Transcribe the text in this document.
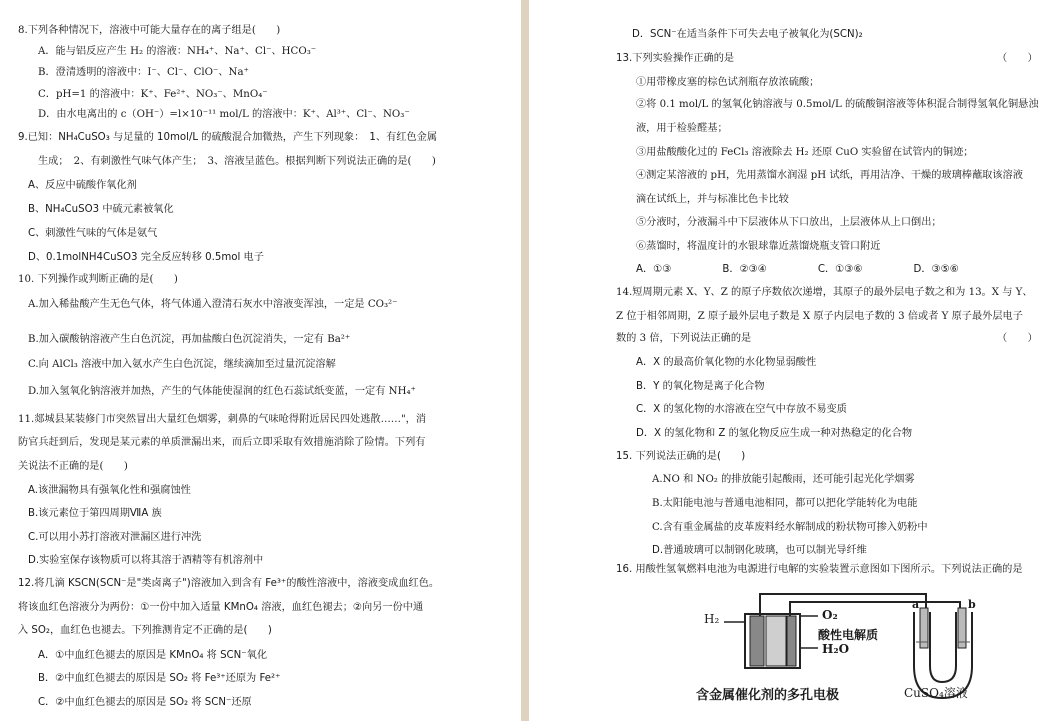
8.下列各种情况下，溶液中可能大量存在的离子组是(　　)
A．能与铝反应产生 H₂ 的溶液：NH₄⁺、Na⁺、Cl⁻、HCO₃⁻
B．澄清透明的溶液中：I⁻、Cl⁻、ClO⁻、Na⁺
C．pH=1 的溶液中：K⁺、Fe²⁺、NO₃⁻、MnO₄⁻
D．由水电离出的 c（OH⁻）=l×10⁻¹¹ mol/L 的溶液中：K⁺、Al³⁺、Cl⁻、NO₃⁻
9.已知：NH₄CuSO₃ 与足量的 10mol/L 的硫酸混合加微热，产生下列现象：　1、有红色金属
生成；　2、有刺激性气味气体产生；　3、溶液呈蓝色。根据判断下列说法正确的是(　　)
A、反应中硫酸作氧化剂
B、NH₄CuSO3 中硫元素被氧化
C、刺激性气味的气体是氨气
D、0.1molNH4CuSO3 完全反应转移 0.5mol 电子
10. 下列操作或判断正确的是(　　)
A.加入稀盐酸产生无色气体，将气体通入澄清石灰水中溶液变浑浊，一定是 CO₃²⁻
B.加入碳酸钠溶液产生白色沉淀，再加盐酸白色沉淀消失，一定有 Ba²⁺
C.向 AlCl₃ 溶液中加入氨水产生白色沉淀，继续滴加至过量沉淀溶解
D.加入氢氧化钠溶液并加热，产生的气体能使湿润的红色石蕊试纸变蓝，一定有 NH₄⁺
11.郯城县某装修门市突然冒出大量红色烟雾，刺鼻的气味呛得附近居民四处逃散……"，消
防官兵赶到后，发现是某元素的单质泄漏出来，而后立即采取有效措施消除了险情。下列有
关说法不正确的是(　　)
A.该泄漏物具有强氧化性和强腐蚀性
B.该元素位于第四周期ⅦA 族
C.可以用小苏打溶液对泄漏区进行冲洗
D.实验室保存该物质可以将其溶于酒精等有机溶剂中
12.将几滴 KSCN(SCN⁻是"类卤离子")溶液加入到含有 Fe³⁺的酸性溶液中，溶液变成血红色。
将该血红色溶液分为两份：①一份中加入适量 KMnO₄ 溶液，血红色褪去；②向另一份中通
入 SO₂，血红色也褪去。下列推测肯定不正确的是(　　)
A．①中血红色褪去的原因是 KMnO₄ 将 SCN⁻氧化
B．②中血红色褪去的原因是 SO₂ 将 Fe³⁺还原为 Fe²⁺
C．②中血红色褪去的原因是 SO₂ 将 SCN⁻还原
D．SCN⁻在适当条件下可失去电子被氧化为(SCN)₂
13.下列实验操作正确的是
①用带橡皮塞的棕色试剂瓶存放浓硫酸；
②将 0.1 mol/L 的氢氧化钠溶液与 0.5mol/L 的硫酸铜溶液等体积混合制得氢氧化铜悬浊
液，用于检验醛基；
③用盐酸酸化过的 FeCl₃ 溶液除去 H₂ 还原 CuO 实验留在试管内的铜迹；
④测定某溶液的 pH，先用蒸馏水润湿 pH 试纸，再用洁净、干燥的玻璃棒蘸取该溶液
滴在试纸上，并与标准比色卡比较
⑤分液时，分液漏斗中下层液体从下口放出，上层液体从上口倒出；
⑥蒸馏时，将温度计的水银球靠近蒸馏烧瓶支管口附近
A．①③　　　　　B．②③④　　　　　C．①③⑥　　　　　D．③⑤⑥
14.短周期元素 X、Y、Z 的原子序数依次递增，其原子的最外层电子数之和为 13。X 与 Y、
Z 位于相邻周期，Z 原子最外层电子数是 X 原子内层电子数的 3 倍或者 Y 原子最外层电子
数的 3 倍，下列说法正确的是
A．X 的最高价氧化物的水化物显弱酸性
B．Y 的氧化物是离子化合物
C．X 的氢化物的水溶液在空气中存放不易变质
D．X 的氢化物和 Z 的氢化物反应生成一种对热稳定的化合物
15. 下列说法正确的是(　　)
A.NO 和 NO₂ 的排放能引起酸雨，还可能引起光化学烟雾
B.太阳能电池与普通电池相同，都可以把化学能转化为电能
C.含有重金属盐的皮革废料经水解制成的粉状物可掺入奶粉中
D.普通玻璃可以制钢化玻璃，也可以制光导纤维
16. 用酸性氢氧燃料电池为电源进行电解的实验装置示意图如下图所示。下列说法正确的是
（　　）
（　　）
H₂	O₂
酸性电解质
H₂O
含金属催化剂的多孔电极
a	b
CuSO₄溶液
